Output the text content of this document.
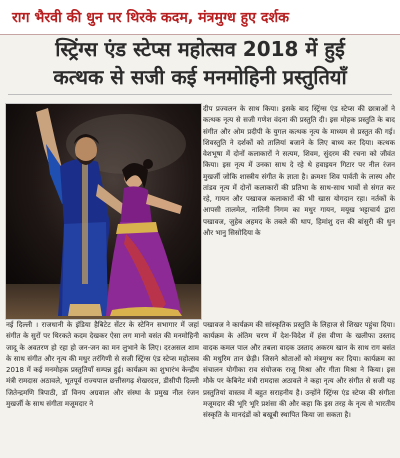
राग भैरवी की धुन पर थिरके कदम, मंत्रमुग्ध हुए दर्शक
स्ट्रिंग्स एंड स्टेप्स महोत्सव 2018 में हुई
कत्थक से सजी कई मनमोहिनी प्रस्तुतियाँ
दीप प्रज्वलन के साथ किया। इसके बाद स्ट्रिंग्स एंड स्टेप्स की छात्राओं ने कत्थक नृत्य से सजी गणेश वंदना की प्रस्तुति दी। इस मोहक प्रस्तुति के बाद संगीत और ओम प्रदीपी के युगल कत्थक नृत्य के माध्यम से प्रस्तुत की गई। शिवस्तुति ने दर्शकों को तालियां बजाने के लिए बाध्य कर दिया। कत्थक वेशभूषा में दोनों कलाकारों ने सत्यम, शिवम, सुंदरम की रचना को जीवंत किया। इस नृत्य में उनका साथ दे रहे थे हवाइयन गिटार पर नील रंजन मुखर्जी जोकि शास्त्रीय संगीत के ज्ञाता है। क्रमशः शिव पार्वती के लास्य और तांडव नृत्य में दोनों कलाकारों की प्रतिभा के साथ-साथ भावों से संगत कर रहे, गायन और पखावज कलाकारों की भी खास योगदान रहा। नर्तकों के आपसी तालमेल, नालिनी निगम का मधुर गायन, मयूख भट्टाचार्य द्वारा पखावज, जुहेब अहमद के तबले की थाप, हिमांशु दत्त की बांसुरी की धुन और भानु सिसोदिया के
नई दिल्ली । राजधानी के इंडिया हैबिटेट सेंटर के स्टेनिन सभागार में जहां संगीत के सुरों पर थिरकते कदम देखकर ऐसा लग मानो वसंत की मनमोहिनी जादू के अवतरण हो रहा हो जन-जन का मन लुभाने के लिए। दरअसल शाम के साथ संगीत और नृत्य की मधुर तरंगिणी से सजी स्ट्रिंग्स एंड स्टेप्स महोत्सव 2018 में कई मनमोहक प्रस्तुतियाँ सम्पन्न हुई। कार्यक्रम का शुभारंभ केन्द्रीय मंत्री रामदास अठावले, भूतपूर्व राज्यपाल छत्तीसगढ़ शेखरदत्त, डीसीपी दिल्ली जितेन्द्रमणि त्रिपाठी, डॉ विनय अग्रवाल और संस्था के प्रमुख नील रंजन मुखर्जी के साथ संगीता मजूमदार ने
पखावज ने कार्यक्रम की सांस्कृतिक प्रस्तुति के लिहाज से शिखर पहुंचा दिया। कार्यक्रम के अंतिम चरण में देश-विदेश में हंस वीणा के खलीफा उस्ताद वादक कमल पाल और तबला वादक उस्ताद अकरम खान के साथ राग बसंत की मधुरिम तान छेड़ी। जिसने श्रोताओं को मंत्रमुग्ध कर दिया। कार्यक्रम का संचालन योगीका राव संयोजक राजू मिश्रा और गीता मिश्रा ने किया। इस मौके पर केबिनेट मंत्री रामदास अठावले ने कहा नृत्य और संगीत से सजी यह प्रस्तुतियां वास्तव में बहुत सराहनीय है। उन्होंने स्ट्रिंग्स एंड स्टेप्स की संगीता मजूमदार की भूरि भूरि प्रशंसा की और कहा कि इस तरह के नृत्य से भारतीय संस्कृति के मानदंडों को बखूबी स्थापित किया जा सकता है।
